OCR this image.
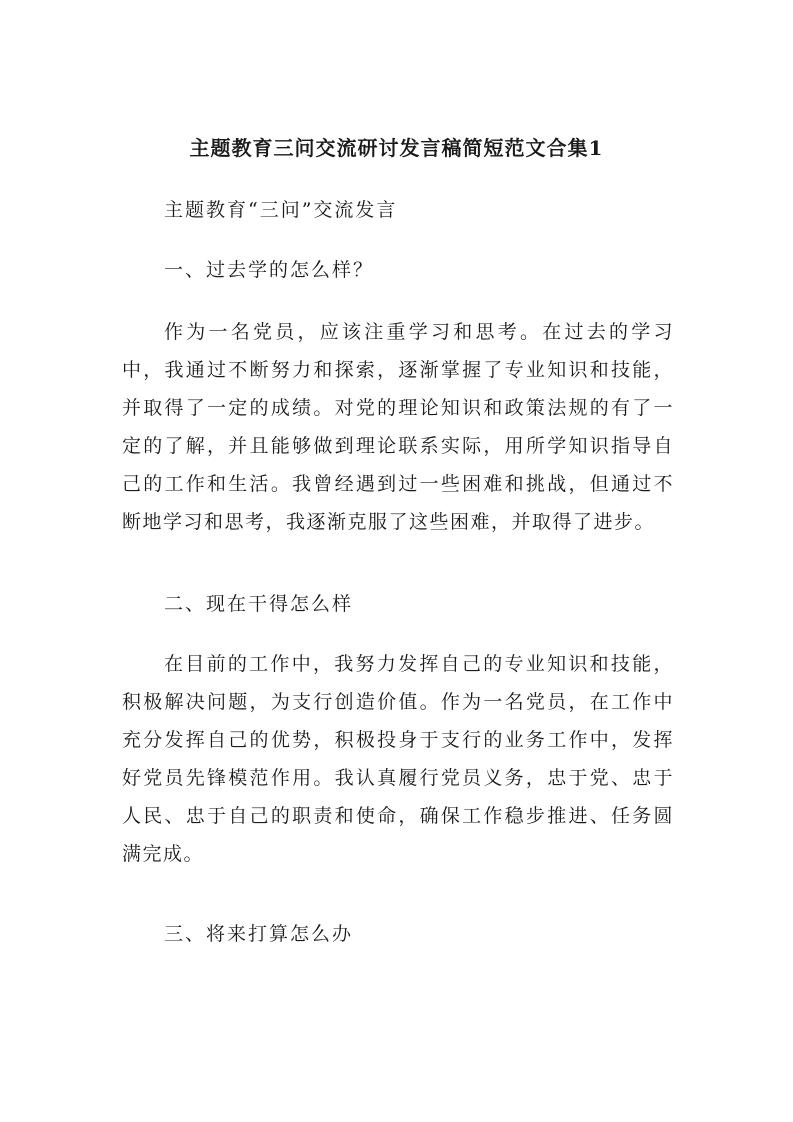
主题教育三问交流研讨发言稿简短范文合集1

主题教育“三问”交流发言

一、过去学的怎么样？

作为一名党员，应该注重学习和思考。在过去的学习中，我通过不断努力和探索，逐渐掌握了专业知识和技能，并取得了一定的成绩。对党的理论知识和政策法规的有了一定的了解，并且能够做到理论联系实际，用所学知识指导自己的工作和生活。我曾经遇到过一些困难和挑战，但通过不断地学习和思考，我逐渐克服了这些困难，并取得了进步。

二、现在干得怎么样

在目前的工作中，我努力发挥自己的专业知识和技能，积极解决问题，为支行创造价值。作为一名党员，在工作中充分发挥自己的优势，积极投身于支行的业务工作中，发挥好党员先锋模范作用。我认真履行党员义务，忠于党、忠于人民、忠于自己的职责和使命，确保工作稳步推进、任务圆满完成。

三、将来打算怎么办
